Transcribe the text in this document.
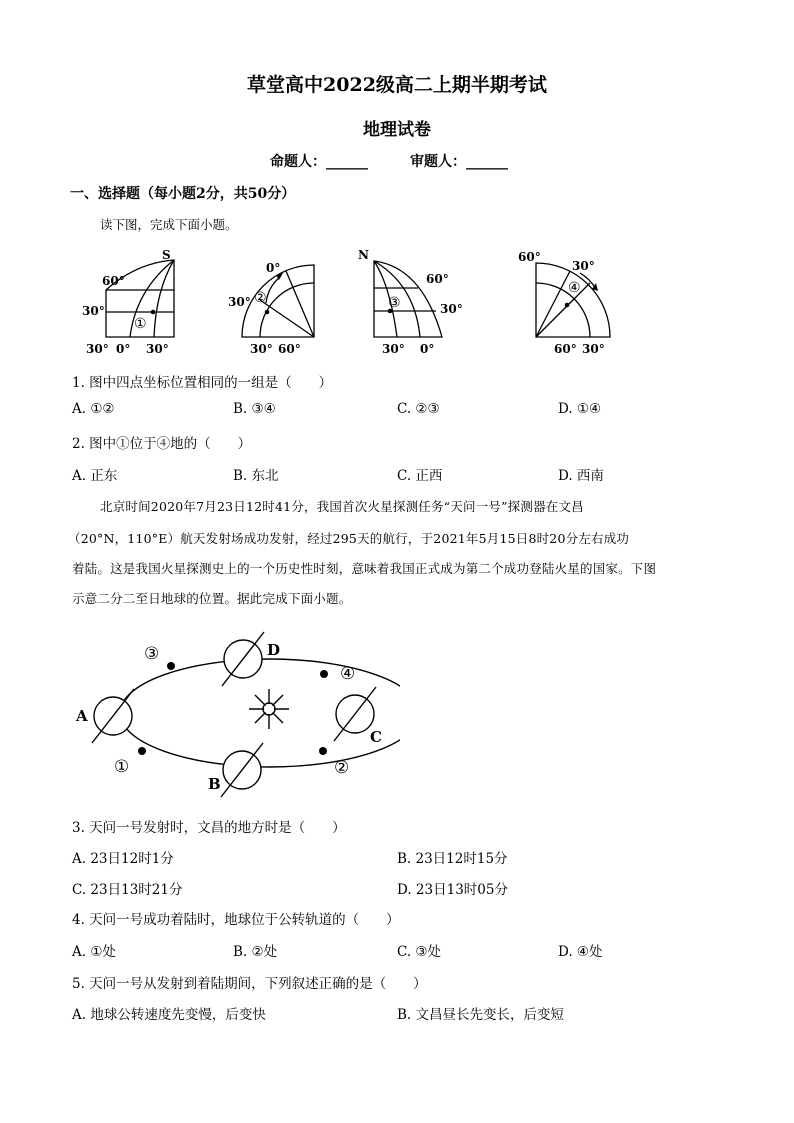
草堂高中2022级高二上期半期考试
地理试卷
命题人：______	审题人：______
一、选择题（每小题2分，共50分）
读下图，完成下面小题。
S
60°
30°
30° 0° 30°
①
0°
30°
30° 60°
②
N
60°
30°
30° 0°
③
60°
30°
60° 30°
④
1. 图中四点坐标位置相同的一组是（　　）
A. ①②	B. ③④	C. ②③	D. ①④
2. 图中①位于④地的（　　）
A. 正东	B. 东北	C. 正西	D. 西南
北京时间2020年7月23日12时41分，我国首次火星探测任务“天问一号”探测器在文昌
（20°N，110°E）航天发射场成功发射，经过295天的航行，于2021年5月15日8时20分左右成功
着陆。这是我国火星探测史上的一个历史性时刻，意味着我国正式成为第二个成功登陆火星的国家。下图
示意二分二至日地球的位置。据此完成下面小题。
A
B
C
D
①	②
③
④
3. 天问一号发射时，文昌的地方时是（　　）
A. 23日12时1分	B. 23日12时15分
C. 23日13时21分	D. 23日13时05分
4. 天问一号成功着陆时，地球位于公转轨道的（　　）
A. ①处	B. ②处	C. ③处	D. ④处
5. 天问一号从发射到着陆期间，下列叙述正确的是（　　）
A. 地球公转速度先变慢，后变快	B. 文昌昼长先变长，后变短
